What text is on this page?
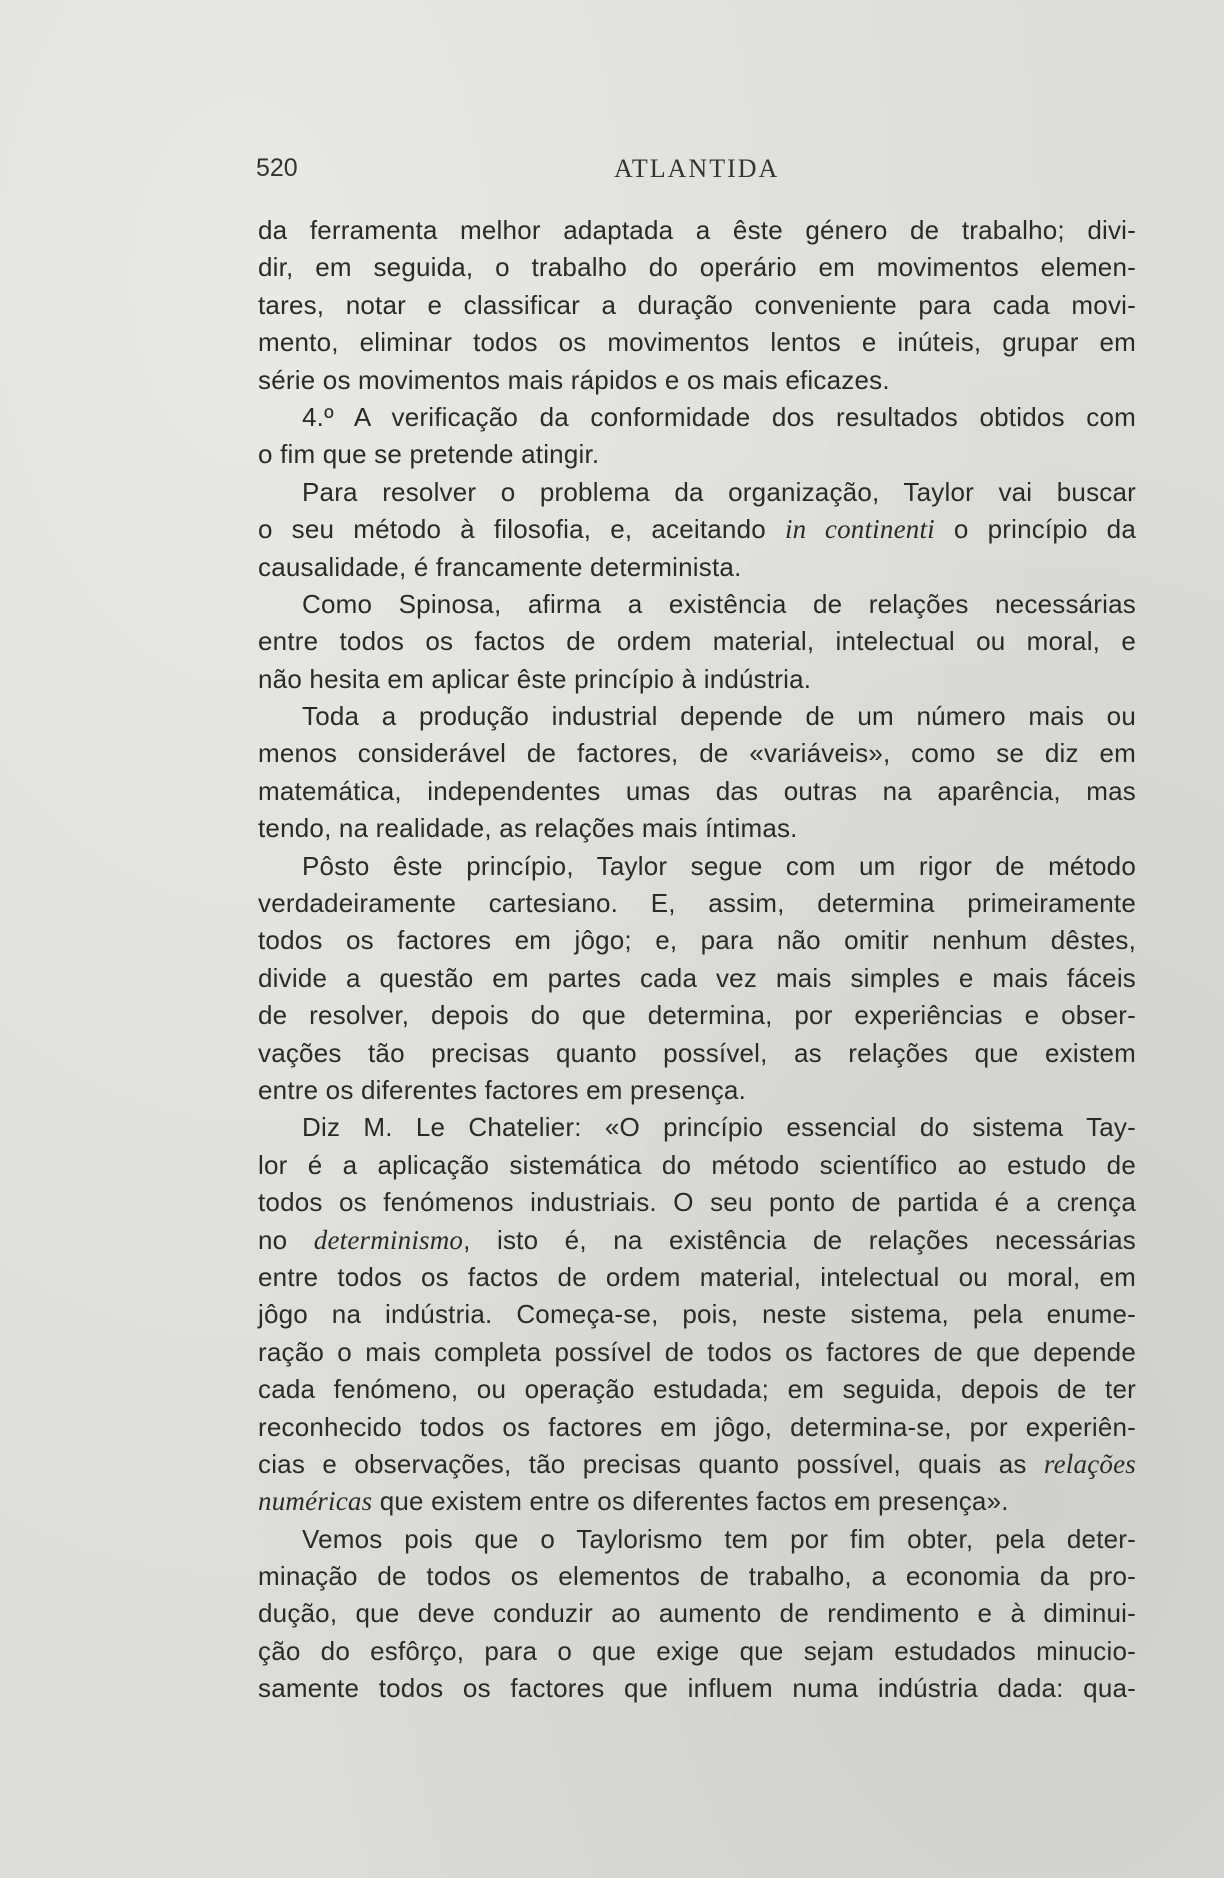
520	ATLANTIDA
da ferramenta melhor adaptada a êste género de trabalho; divi-
dir, em seguida, o trabalho do operário em movimentos elemen-
tares, notar e classificar a duração conveniente para cada movi-
mento, eliminar todos os movimentos lentos e inúteis, grupar em
série os movimentos mais rápidos e os mais eficazes.
4.º A verificação da conformidade dos resultados obtidos com
o fim que se pretende atingir.
Para resolver o problema da organização, Taylor vai buscar
o seu método à filosofia, e, aceitando in continenti o princípio da
causalidade, é francamente determinista.
Como Spinosa, afirma a existência de relações necessárias
entre todos os factos de ordem material, intelectual ou moral, e
não hesita em aplicar êste princípio à indústria.
Toda a produção industrial depende de um número mais ou
menos considerável de factores, de «variáveis», como se diz em
matemática, independentes umas das outras na aparência, mas
tendo, na realidade, as relações mais íntimas.
Pôsto êste princípio, Taylor segue com um rigor de método
verdadeiramente cartesiano. E, assim, determina primeiramente
todos os factores em jôgo; e, para não omitir nenhum dêstes,
divide a questão em partes cada vez mais simples e mais fáceis
de resolver, depois do que determina, por experiências e obser-
vações tão precisas quanto possível, as relações que existem
entre os diferentes factores em presença.
Diz M. Le Chatelier: «O princípio essencial do sistema Tay-
lor é a aplicação sistemática do método scientífico ao estudo de
todos os fenómenos industriais. O seu ponto de partida é a crença
no determinismo, isto é, na existência de relações necessárias
entre todos os factos de ordem material, intelectual ou moral, em
jôgo na indústria. Começa-se, pois, neste sistema, pela enume-
ração o mais completa possível de todos os factores de que depende
cada fenómeno, ou operação estudada; em seguida, depois de ter
reconhecido todos os factores em jôgo, determina-se, por experiên-
cias e observações, tão precisas quanto possível, quais as relações
numéricas que existem entre os diferentes factos em presença».
Vemos pois que o Taylorismo tem por fim obter, pela deter-
minação de todos os elementos de trabalho, a economia da pro-
dução, que deve conduzir ao aumento de rendimento e à diminui-
ção do esfôrço, para o que exige que sejam estudados minucio-
samente todos os factores que influem numa indústria dada: qua-
